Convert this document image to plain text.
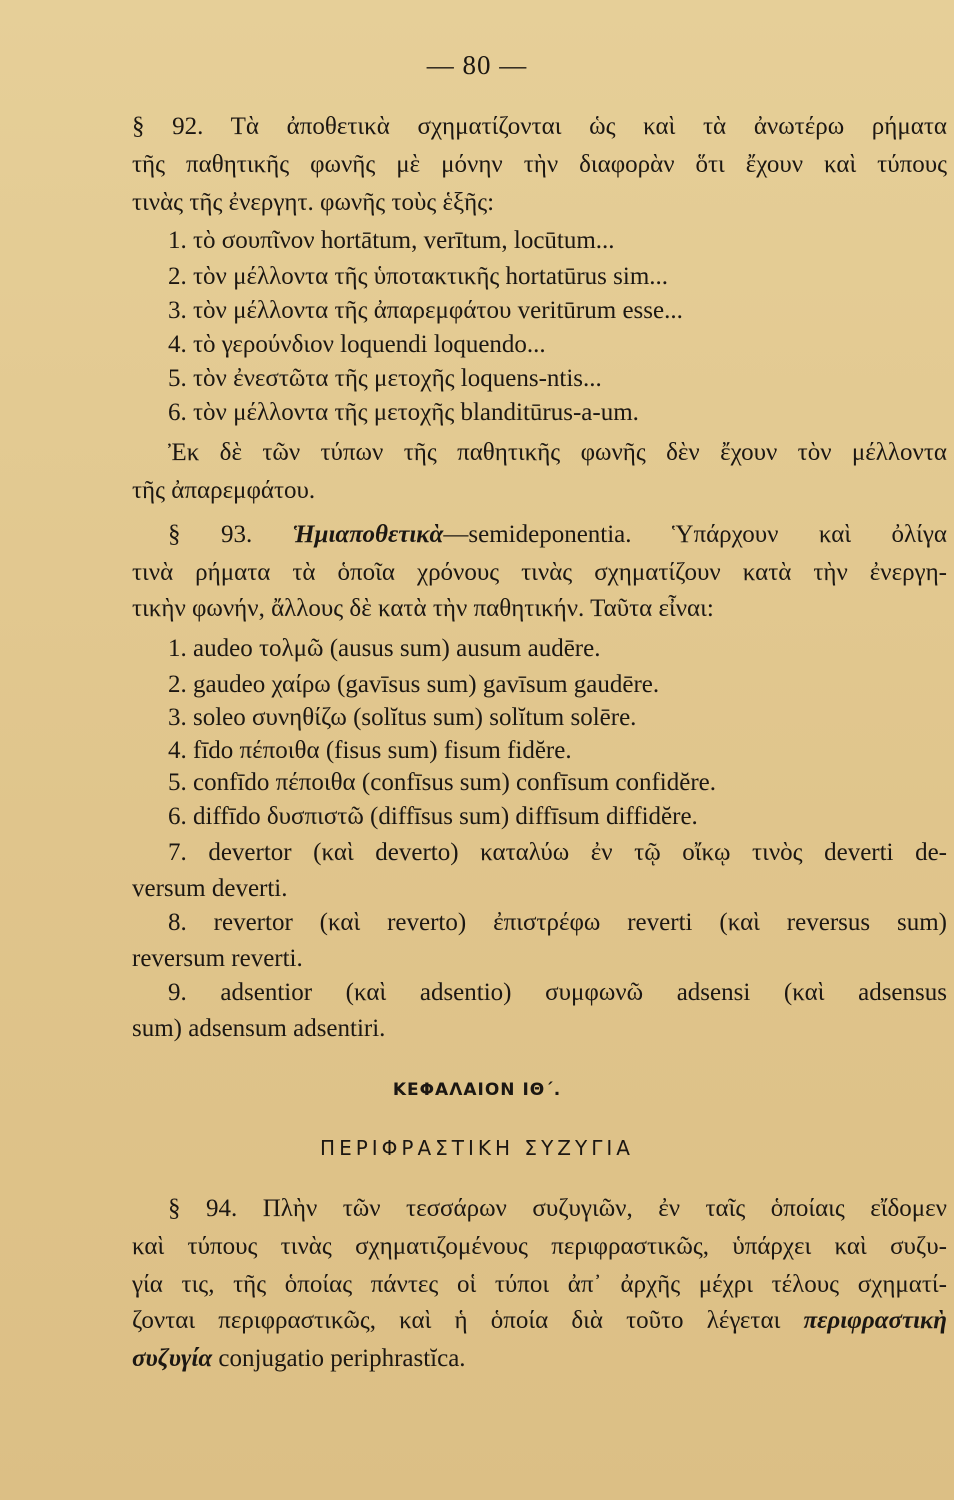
— 80 —
§ 92. Τὰ ἀποθετικὰ σχηματίζονται ὡς καὶ τὰ ἀνωτέρω ρήματα
τῆς παθητικῆς φωνῆς μὲ μόνην τὴν διαφορὰν ὅτι ἔχουν καὶ τύπους
τινὰς τῆς ἐνεργητ. φωνῆς τοὺς ἑξῆς:
1. τὸ σουπῖνον hortātum, verītum, locūtum...
2. τὸν μέλλοντα τῆς ὑποτακτικῆς hortatūrus sim...
3. τὸν μέλλοντα τῆς ἀπαρεμφάτου veritūrum esse...
4. τὸ γερούνδιον loquendi loquendo...
5. τὸν ἐνεστῶτα τῆς μετοχῆς loquens-ntis...
6. τὸν μέλλοντα τῆς μετοχῆς blanditūrus-a-um.
Ἐκ δὲ τῶν τύπων τῆς παθητικῆς φωνῆς δὲν ἔχουν τὸν μέλλοντα
τῆς ἀπαρεμφάτου.
§ 93. Ἡμιαποθετικὰ—semideponentia. Ὑπάρχουν καὶ ὀλίγα
τινὰ ρήματα τὰ ὁποῖα χρόνους τινὰς σχηματίζουν κατὰ τὴν ἐνεργη-
τικὴν φωνήν, ἄλλους δὲ κατὰ τὴν παθητικήν. Ταῦτα εἶναι:
1. audeo τολμῶ (ausus sum) ausum audēre.
2. gaudeo χαίρω (gavīsus sum) gavīsum gaudēre.
3. soleo συνηθίζω (solĭtus sum) solĭtum solēre.
4. fīdo πέποιθα (fisus sum) fisum fidĕre.
5. confīdo πέποιθα (confīsus sum) confīsum confidĕre.
6. diffīdo δυσπιστῶ (diffīsus sum) diffīsum diffidĕre.
7. devertor (καὶ deverto) καταλύω ἐν τῷ οἴκῳ τινὸς deverti de-
versum deverti.
8. revertor (καὶ reverto) ἐπιστρέφω reverti (καὶ reversus sum)
reversum reverti.
9. adsentior (καὶ adsentio) συμφωνῶ adsensi (καὶ adsensus
sum) adsensum adsentiri.
ΚΕΦΑΛΑΙΟΝ ΙΘ΄.
ΠΕΡΙΦΡΑΣΤΙΚΗ ΣΥΖΥΓΙΑ
§ 94. Πλὴν τῶν τεσσάρων συζυγιῶν, ἐν ταῖς ὁποίαις εἴδομεν
καὶ τύπους τινὰς σχηματιζομένους περιφραστικῶς, ὑπάρχει καὶ συζυ-
γία τις, τῆς ὁποίας πάντες οἱ τύποι ἀπ᾽ ἀρχῆς μέχρι τέλους σχηματί-
ζονται περιφραστικῶς, καὶ ἡ ὁποία διὰ τοῦτο λέγεται περιφραστικὴ
συζυγία conjugatio periphrastĭca.
